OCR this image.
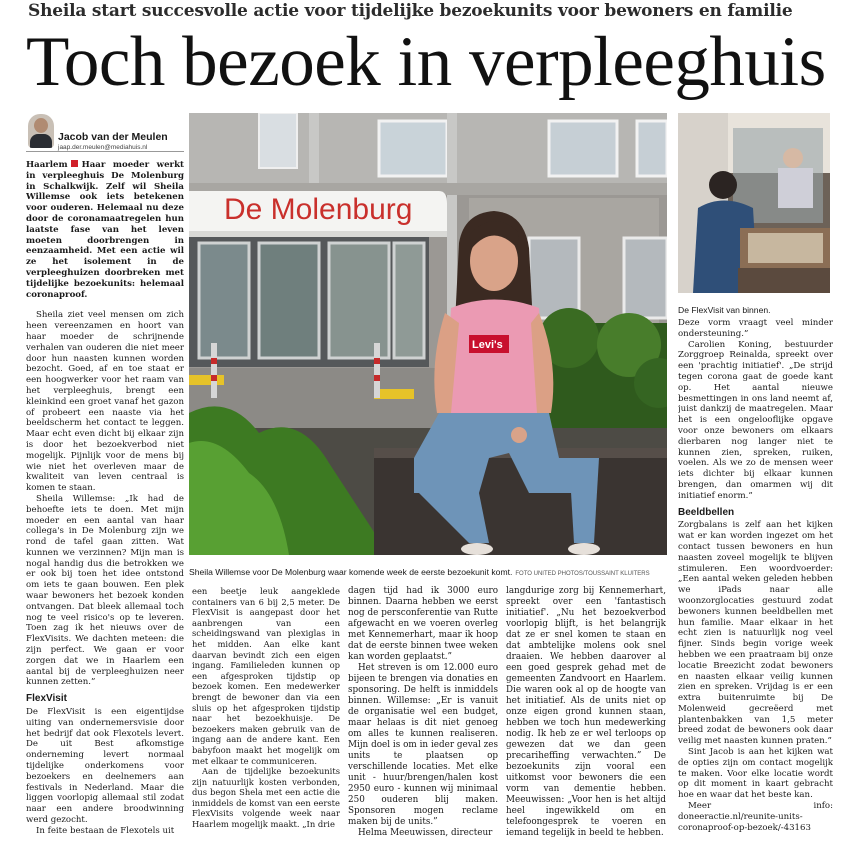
Sheila start succesvolle actie voor tijdelijke bezoekunits voor bewoners en familie
Toch bezoek in verpleeghuis
Jacob van der Meulen
jaap.der.meulen@mediahuis.nl

Haarlem Haar moeder werkt in verpleeghuis De Molenburg in Schalkwijk. Zelf wil Sheila Willemse ook iets betekenen voor ouderen. Helemaal nu deze door de coronamaatregelen hun laatste fase van het leven moeten doorbrengen in eenzaamheid. Met een actie wil ze het isolement in de verpleeghuizen doorbreken met tijdelijke bezoekunits: helemaal coronaproof.

Sheila ziet veel mensen om zich heen vereenzamen en hoort van haar moeder de schrijnende verhalen van ouderen die niet meer door hun naasten kunnen worden bezocht. Goed, af en toe staat er een hoogwerker voor het raam van het verpleeghuis, brengt een kleinkind een groet vanaf het gazon of probeert een naaste via het beeldscherm het contact te leggen. Maar echt even dicht bij elkaar zijn is door het bezoekverbod niet mogelijk. Pijnlijk voor de mens bij wie niet het overleven maar de kwaliteit van leven centraal is komen te staan.

Sheila Willemse: „Ik had de behoefte iets te doen. Met mijn moeder en een aantal van haar collega's in De Molenburg zijn we rond de tafel gaan zitten. Wat kunnen we verzinnen? Mijn man is nogal handig dus die betrokken we er ook bij toen het idee ontstond om iets te gaan bouwen. Een plek waar bewoners het bezoek konden ontvangen. Dat bleek allemaal toch nog te veel risico's op te leveren. Toen zag ik het nieuws over de FlexVisits. We dachten meteen: die zijn perfect. We gaan er voor zorgen dat we in Haarlem een aantal bij de verpleeghuizen neer kunnen zetten.”

FlexVisit

De FlexVisit is een eigentijdse uiting van ondernemersvisie door het bedrijf dat ook Flexotels levert. De uit Best afkomstige onderneming levert normaal tijdelijke onderkomens voor bezoekers en deelnemers aan festivals in Nederland. Maar die liggen voorlopig allemaal stil zodat naar een andere broodwinning werd gezocht.

In feite bestaan de Flexotels uit

De Molenburg
Levi's
Sheila Willemse voor De Molenburg waar komende week de eerste bezoekunit komt. FOTO UNITED PHOTOS/TOUSSAINT KLUITERS
De FlexVisit van binnen.

een beetje leuk aangeklede containers van 6 bij 2,5 meter. De FlexVisit is aangepast door het aanbrengen van een scheidingswand van plexiglas in het midden. Aan elke kant daarvan bevindt zich een eigen ingang. Familieleden kunnen op een afgesproken tijdstip op bezoek komen. Een medewerker brengt de bewoner dan via een sluis op het afgesproken tijdstip naar het bezoekhuisje. De bezoekers maken gebruik van de ingang aan de andere kant. Een babyfoon maakt het mogelijk om met elkaar te communiceren.

Aan de tijdelijke bezoekunits zijn natuurlijk kosten verbonden, dus begon Shela met een actie die inmiddels de komst van een eerste FlexVisits volgende week naar Haarlem mogelijk maakt. „In drie

dagen tijd had ik 3000 euro binnen. Daarna hebben we eerst nog de persconferentie van Rutte afgewacht en we voeren overleg met Kennemerhart, maar ik hoop dat de eerste binnen twee weken kan worden geplaatst.”

Het streven is om 12.000 euro bijeen te brengen via donaties en sponsoring. De helft is inmiddels binnen. Willemse: „Er is vanuit de organisatie wel een budget, maar helaas is dit niet genoeg om alles te kunnen realiseren. Mijn doel is om in ieder geval zes units te plaatsen op verschillende locaties. Met elke unit - huur/brengen/halen kost 2950 euro - kunnen wij minimaal 250 ouderen blij maken. Sponsoren mogen reclame maken bij de units.”

Helma Meeuwissen, directeur

langdurige zorg bij Kennemerhart, spreekt over een 'fantastisch initiatief'. „Nu het bezoekverbod voorlopig blijft, is het belangrijk dat ze er snel komen te staan en dat ambtelijke molens ook snel draaien. We hebben daarover al een goed gesprek gehad met de gemeenten Zandvoort en Haarlem. Die waren ook al op de hoogte van het initiatief. Als de units niet op onze eigen grond kunnen staan, hebben we toch hun medewerking nodig. Ik heb ze er wel terloops op gewezen dat we dan geen precariheffing verwachten.” De bezoekunits zijn vooral een uitkomst voor bewoners die een vorm van dementie hebben. Meeuwissen: „Voor hen is het altijd heel ingewikkeld om en telefoongesprek te voeren en iemand tegelijk in beeld te hebben.

Deze vorm vraagt veel minder ondersteuning.”

Carolien Koning, bestuurder Zorggroep Reinalda, spreekt over een 'prachtig initiatief'. „De strijd tegen corona gaat de goede kant op. Het aantal nieuwe besmettingen in ons land neemt af, juist dankzij de maatregelen. Maar het is een ongelooflijke opgave voor onze bewoners om elkaars dierbaren nog langer niet te kunnen zien, spreken, ruiken, voelen. Als we zo de mensen weer iets dichter bij elkaar kunnen brengen, dan omarmen wij dit initiatief enorm.”

Beeldbellen

Zorgbalans is zelf aan het kijken wat er kan worden ingezet om het contact tussen bewoners en hun naasten zoveel mogelijk te blijven stimuleren. Een woordvoerder: „Een aantal weken geleden hebben we iPads naar alle woonzorglocaties gestuurd zodat bewoners kunnen beeldbellen met hun familie. Maar elkaar in het echt zien is natuurlijk nog veel fijner. Sinds begin vorige week hebben we een praatraam bij onze locatie Breezicht zodat bewoners en naasten elkaar veilig kunnen zien en spreken. Vrijdag is er een extra buitenruimte bij De Molenweid gecreëerd met plantenbakken van 1,5 meter breed zodat de bewoners ook daar veilig met naasten kunnen praten.”

Sint Jacob is aan het kijken wat de opties zijn om contact mogelijk te maken. Voor elke locatie wordt op dit moment in kaart gebracht hoe en waar dat het beste kan.

Meer info: doneeractie.nl/reunite-units-coronaproof-op-bezoek/-43163
